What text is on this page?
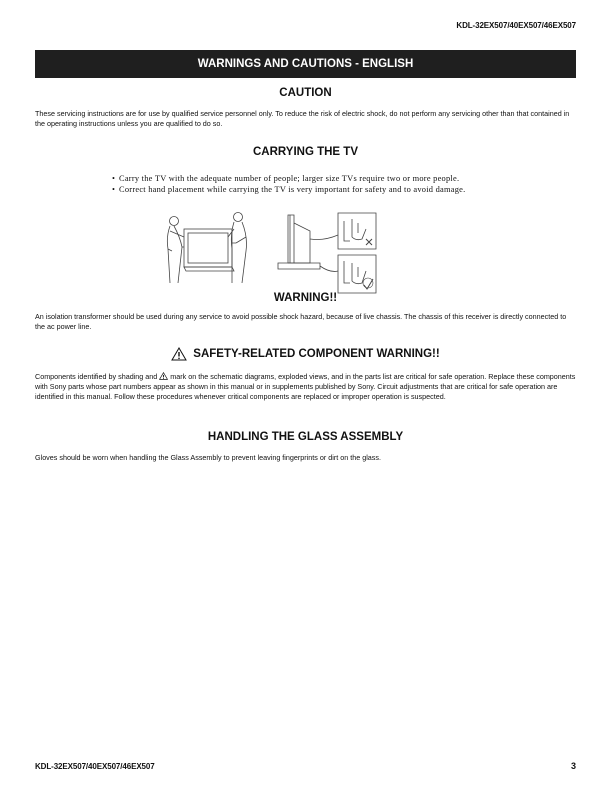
KDL-32EX507/40EX507/46EX507
WARNINGS AND CAUTIONS - ENGLISH
CAUTION
These servicing instructions are for use by qualified service personnel only. To reduce the risk of electric shock, do not perform any servicing other than that contained in the operating instructions unless you are qualified to do so.
CARRYING THE TV
• Carry the TV with the adequate number of people; larger size TVs require two or more people.
• Correct hand placement while carrying the TV is very important for safety and to avoid damage.
WARNING!!
An isolation transformer should be used during any service to avoid possible shock hazard, because of live chassis. The chassis of this receiver is directly connected to the ac power line.
SAFETY-RELATED COMPONENT WARNING!!
Components identified by shading and mark on the schematic diagrams, exploded views, and in the parts list are critical for safe operation. Replace these components with Sony parts whose part numbers appear as shown in this manual or in supplements published by Sony. Circuit adjustments that are critical for safe operation are identified in this manual. Follow these procedures whenever critical components are replaced or improper operation is suspected.
HANDLING THE GLASS ASSEMBLY
Gloves should be worn when handling the Glass Assembly to prevent leaving fingerprints or dirt on the glass.
KDL-32EX507/40EX507/46EX507	3
